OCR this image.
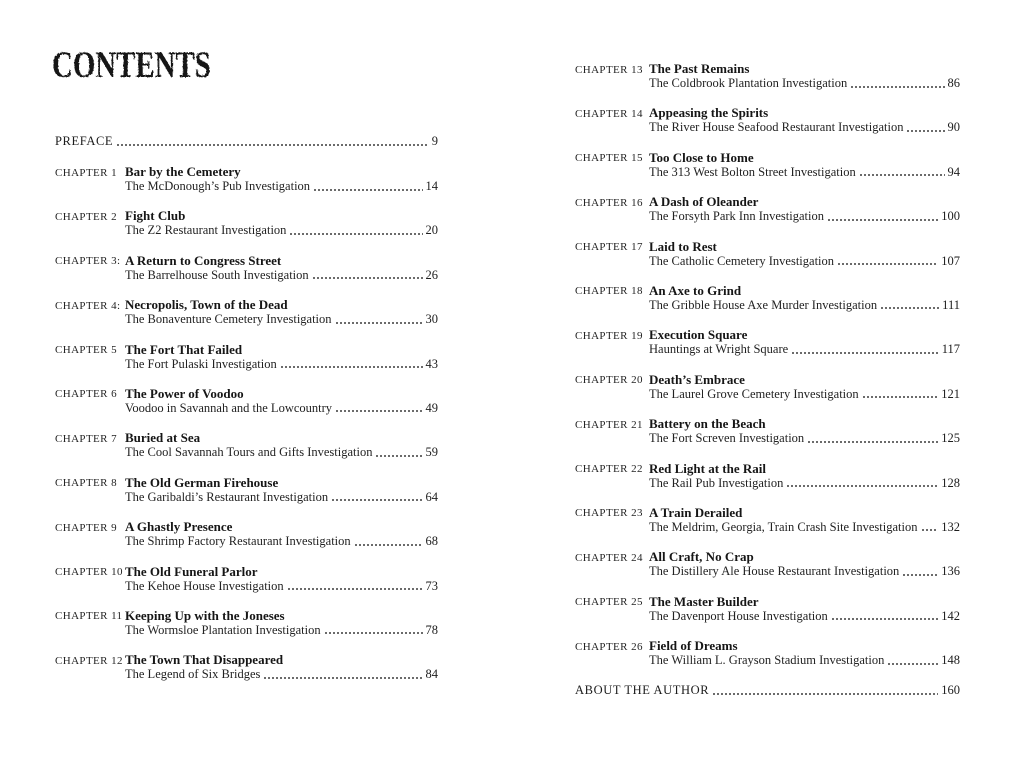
CONTENTS
PREFACE	9
CHAPTER 1 Bar by the Cemetery
The McDonough’s Pub Investigation	14
CHAPTER 2 Fight Club
The Z2 Restaurant Investigation	20
CHAPTER 3: A Return to Congress Street
The Barrelhouse South Investigation	26
CHAPTER 4: Necropolis, Town of the Dead
The Bonaventure Cemetery Investigation	30
CHAPTER 5 The Fort That Failed
The Fort Pulaski Investigation	43
CHAPTER 6 The Power of Voodoo
Voodoo in Savannah and the Lowcountry	49
CHAPTER 7 Buried at Sea
The Cool Savannah Tours and Gifts Investigation	59
CHAPTER 8 The Old German Firehouse
The Garibaldi’s Restaurant Investigation	64
CHAPTER 9 A Ghastly Presence
The Shrimp Factory Restaurant Investigation	68
CHAPTER 10 The Old Funeral Parlor
The Kehoe House Investigation	73
CHAPTER 11 Keeping Up with the Joneses
The Wormsloe Plantation Investigation	78
CHAPTER 12 The Town That Disappeared
The Legend of Six Bridges	84
CHAPTER 13 The Past Remains
The Coldbrook Plantation Investigation	86
CHAPTER 14 Appeasing the Spirits
The River House Seafood Restaurant Investigation	90
CHAPTER 15 Too Close to Home
The 313 West Bolton Street Investigation	94
CHAPTER 16 A Dash of Oleander
The Forsyth Park Inn Investigation	100
CHAPTER 17 Laid to Rest
The Catholic Cemetery Investigation	107
CHAPTER 18 An Axe to Grind
The Gribble House Axe Murder Investigation	111
CHAPTER 19 Execution Square
Hauntings at Wright Square	117
CHAPTER 20 Death’s Embrace
The Laurel Grove Cemetery Investigation	121
CHAPTER 21 Battery on the Beach
The Fort Screven Investigation	125
CHAPTER 22 Red Light at the Rail
The Rail Pub Investigation	128
CHAPTER 23 A Train Derailed
The Meldrim, Georgia, Train Crash Site Investigation 132
CHAPTER 24 All Craft, No Crap
The Distillery Ale House Restaurant Investigation	136
CHAPTER 25 The Master Builder
The Davenport House Investigation	142
CHAPTER 26 Field of Dreams
The William L. Grayson Stadium Investigation	148
ABOUT THE AUTHOR	160
